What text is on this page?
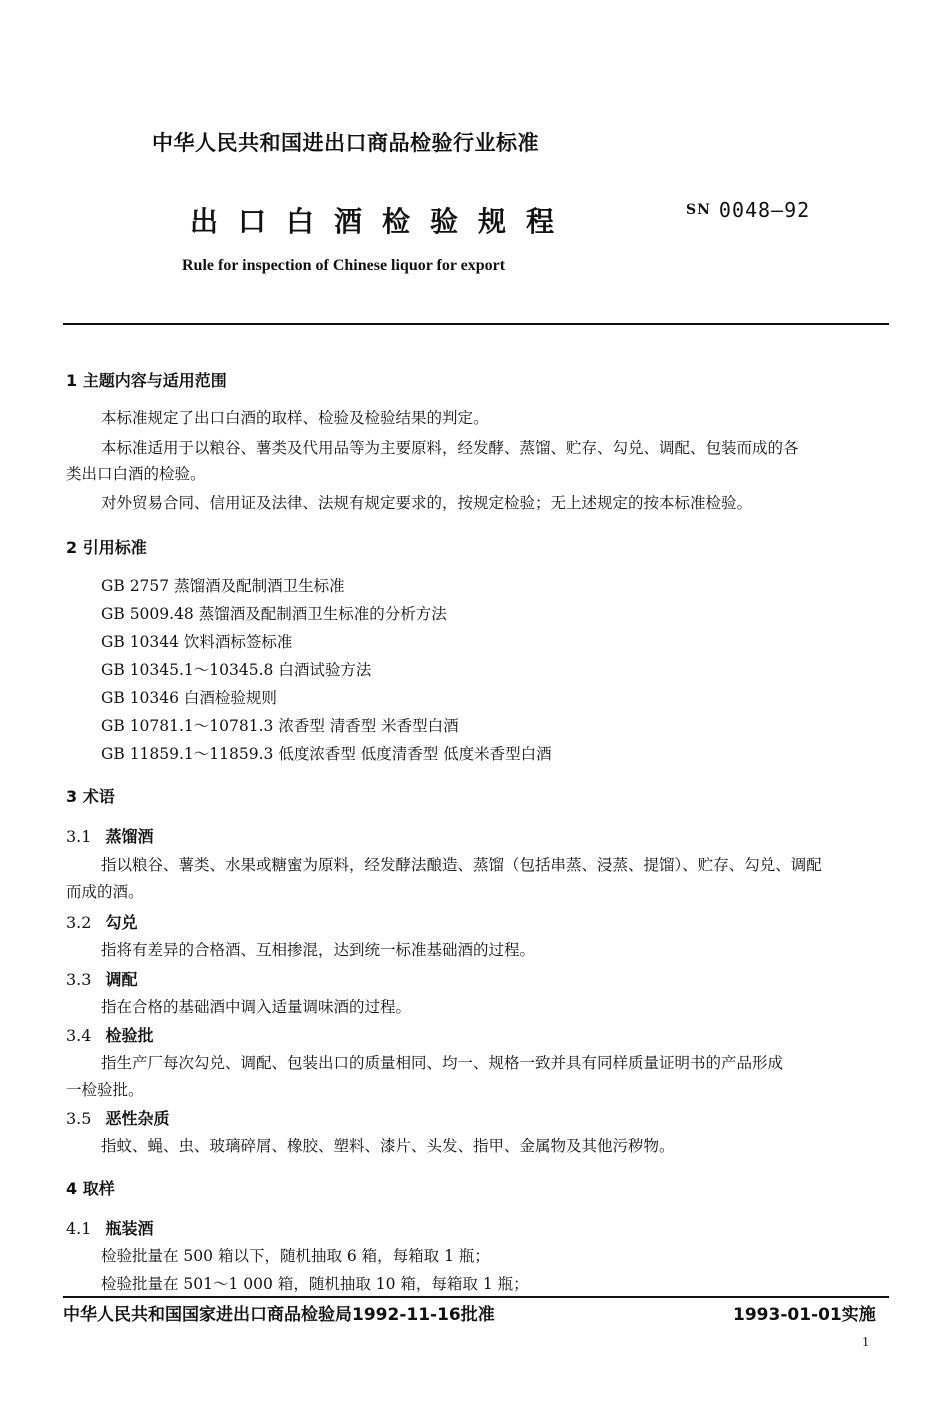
中华人民共和国进出口商品检验行业标准
出口白酒检验规程	SN 0048—92
Rule for inspection of Chinese liquor for export
1 主题内容与适用范围
本标准规定了出口白酒的取样、检验及检验结果的判定。
本标准适用于以粮谷、薯类及代用品等为主要原料，经发酵、蒸馏、贮存、勾兑、调配、包装而成的各
类出口白酒的检验。
对外贸易合同、信用证及法律、法规有规定要求的，按规定检验；无上述规定的按本标准检验。
2 引用标准
GB 2757 蒸馏酒及配制酒卫生标准
GB 5009.48 蒸馏酒及配制酒卫生标准的分析方法
GB 10344 饮料酒标签标准
GB 10345.1～10345.8 白酒试验方法
GB 10346 白酒检验规则
GB 10781.1～10781.3 浓香型 清香型 米香型白酒
GB 11859.1～11859.3 低度浓香型 低度清香型 低度米香型白酒
3 术语
3.1 蒸馏酒
指以粮谷、薯类、水果或糖蜜为原料，经发酵法酿造、蒸馏（包括串蒸、浸蒸、提馏）、贮存、勾兑、调配
而成的酒。
3.2 勾兑
指将有差异的合格酒、互相掺混，达到统一标准基础酒的过程。
3.3 调配
指在合格的基础酒中调入适量调味酒的过程。
3.4 检验批
指生产厂每次勾兑、调配、包装出口的质量相同、均一、规格一致并具有同样质量证明书的产品形成
一检验批。
3.5 恶性杂质
指蚊、蝇、虫、玻璃碎屑、橡胶、塑料、漆片、头发、指甲、金属物及其他污秽物。
4 取样
4.1 瓶装酒
检验批量在 500 箱以下，随机抽取 6 箱，每箱取 1 瓶；
检验批量在 501～1 000 箱，随机抽取 10 箱，每箱取 1 瓶；
中华人民共和国国家进出口商品检验局1992-11-16批准	1993-01-01实施
1
